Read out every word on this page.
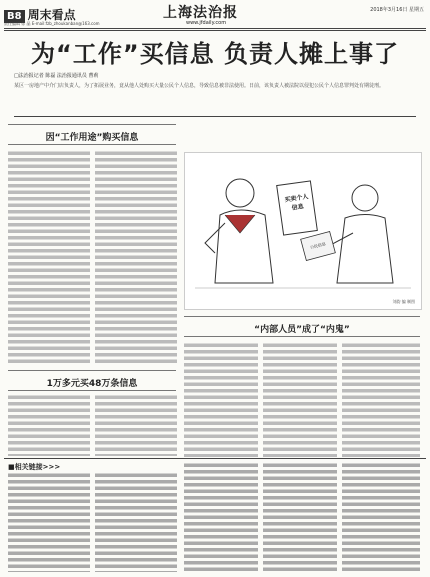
B8 周末看点
责任编辑 徐 晶 E-mail:fzb_zhoukanban@163.com
上海法治报
www.jfdaily.com
2018年3月16日 星期五
为“工作”买信息 负责人摊上事了
□法治报记者 陈磊 法治报通讯员 曹莉
某区一房地产中介门店负责人，为了拓展业务，竟从他人处购买大量公民个人信息，导致信息被非法使用。日前，该负责人被法院以侵犯公民个人信息罪判处有期徒刑。
因“工作用途”购买信息
买卖个人信息
公民信息
刘韵 编 制图
1万多元买48万条信息
“内部人员”成了“内鬼”
■相关链接>>>
